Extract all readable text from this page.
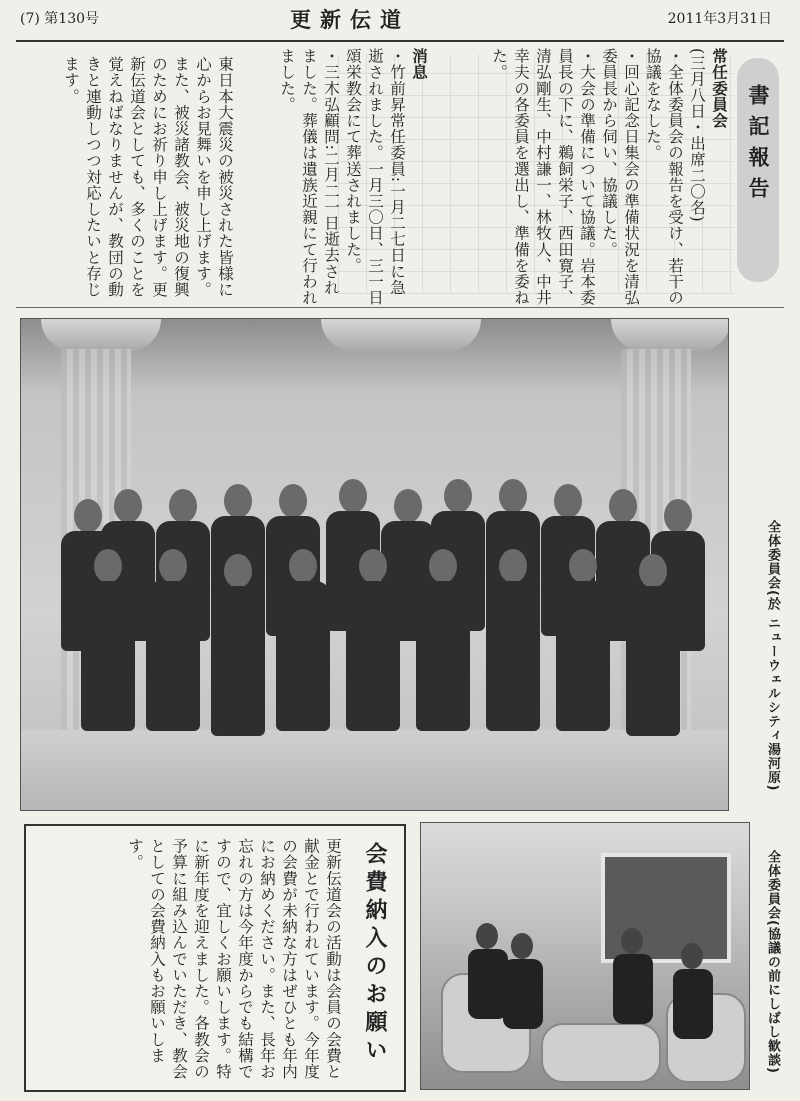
(7) 第130号	更新伝道	2011年3月31日
書記報告
常任委員会
(三月八日・出席二〇名)
・全体委員会の報告を受け、若干の協議をなした。
・回心記念日集会の準備状況を清弘委員長から伺い、協議した。
・大会の準備について協議。岩本委員長の下に、鵜飼栄子、西田寛子、清弘剛生、中村謙一、林牧人、中井幸夫の各委員を選出し、準備を委ねた。
消息
・竹前昇常任委員:一月二七日に急逝されました。一月三〇日、三一日頌栄教会にて葬送されました。
・三木弘顧問:二月二一日逝去されました。葬儀は遺族近親にて行われました。
東日本大震災の被災された皆様に心からお見舞いを申し上げます。また、被災諸教会、被災地の復興のためにお祈り申し上げます。更新伝道会としても、多くのことを覚えねばなりませんが、教団の動きと連動しつつ対応したいと存じます。
全体委員会(於 ニューウェルシティ湯河原)
会費納入のお願い
更新伝道会の活動は会員の会費と献金とで行われています。今年度の会費が未納な方はぜひとも年内にお納めください。また、長年お忘れの方は今年度からでも結構ですので、宜しくお願いします。特に新年度を迎えました。各教会の予算に組み込んでいただき、教会としての会費納入もお願いします。	全体委員会(協議の前にしばし歓談)
